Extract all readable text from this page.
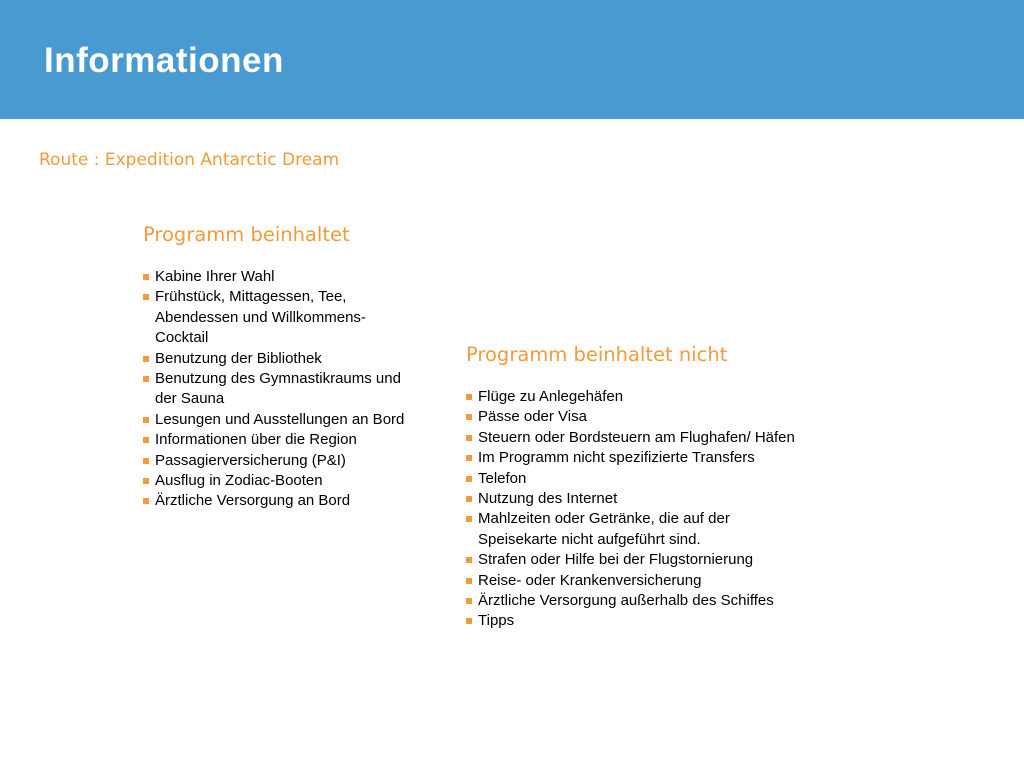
Informationen
Route : Expedition Antarctic Dream
Programm beinhaltet
Kabine Ihrer Wahl
Frühstück, Mittagessen, Tee, Abendessen und Willkommens-Cocktail
Benutzung der Bibliothek
Benutzung des Gymnastikraums und der Sauna
Lesungen und Ausstellungen an Bord
Informationen über die Region
Passagierversicherung (P&I)
Ausflug in Zodiac-Booten
Ärztliche Versorgung an Bord
Programm beinhaltet nicht
Flüge zu Anlegehäfen
Pässe oder Visa
Steuern oder Bordsteuern am Flughafen/ Häfen
Im Programm nicht spezifizierte Transfers
Telefon
Nutzung des Internet
Mahlzeiten oder Getränke, die auf der Speisekarte nicht aufgeführt sind.
Strafen oder Hilfe bei der Flugstornierung
Reise- oder Krankenversicherung
Ärztliche Versorgung außerhalb des Schiffes
Tipps
